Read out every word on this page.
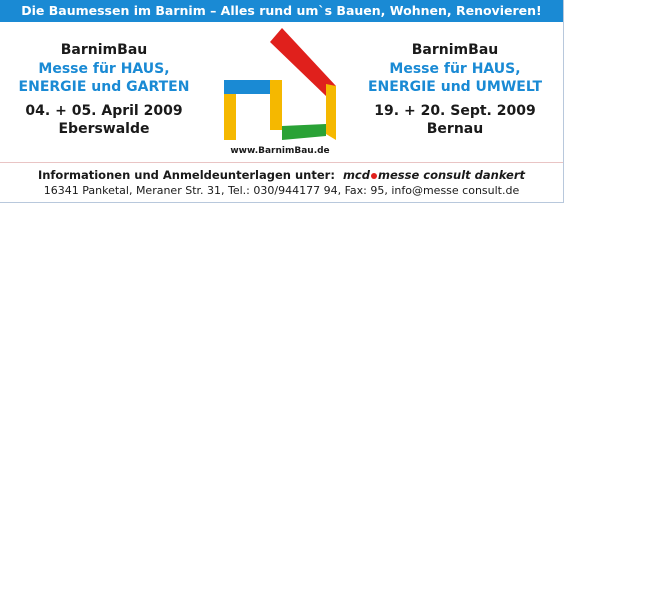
Die Baumessen im Barnim – Alles rund um`s Bauen, Wohnen, Renovieren!
BarnimBau
Messe für HAUS,
ENERGIE und GARTEN
04. + 05. April 2009
Eberswalde
www.BarnimBau.de
BarnimBau
Messe für HAUS,
ENERGIE und UMWELT
19. + 20. Sept. 2009
Bernau
Informationen und Anmeldeunterlagen unter: mcd messe consult dankert
16341 Panketal, Meraner Str. 31, Tel.: 030/944177 94, Fax: 95, info@messe consult.de
